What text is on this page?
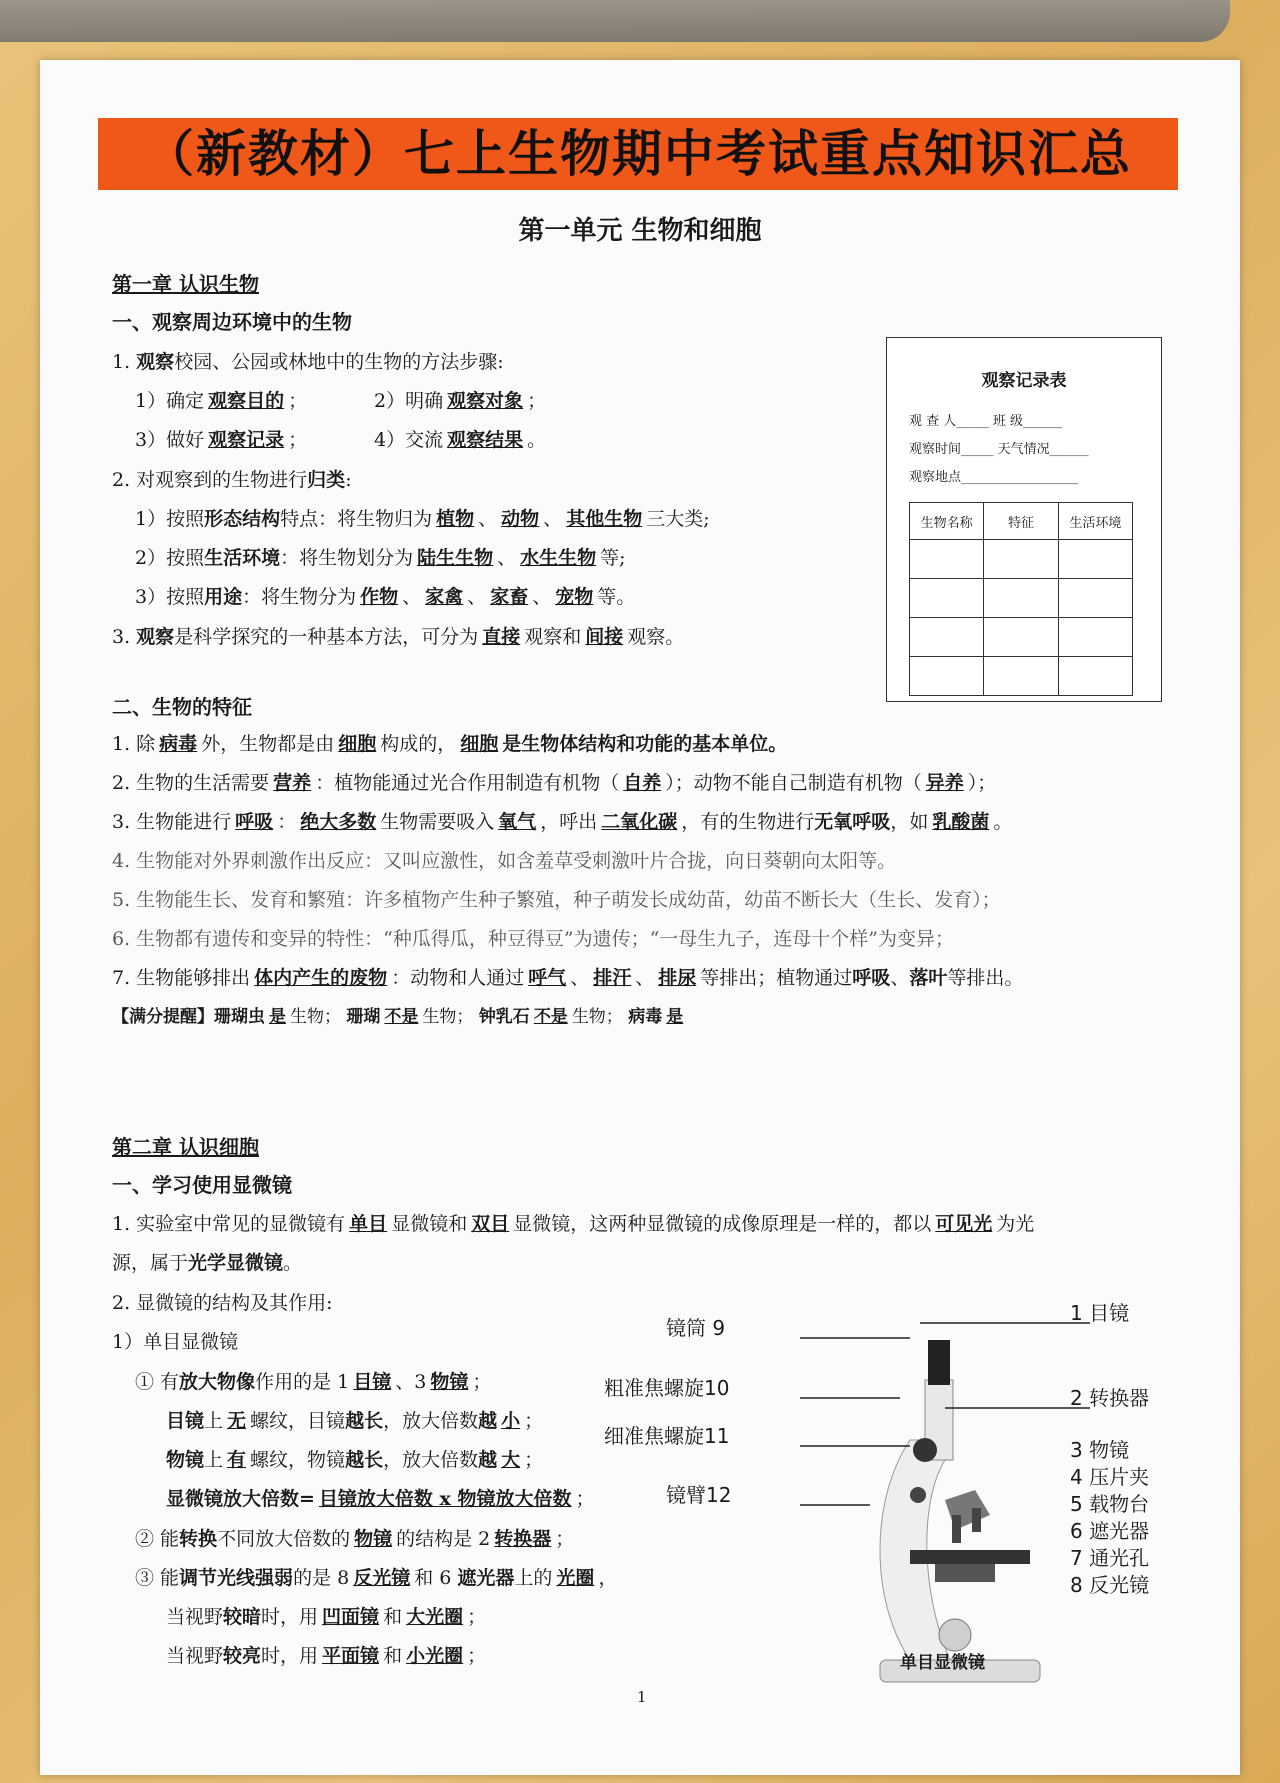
（新教材）七上生物期中考试重点知识汇总
第一单元 生物和细胞
第一章 认识生物
一、观察周边环境中的生物
1. 观察校园、公园或林地中的生物的方法步骤:
1）确定 观察目的 ；	2）明确 观察对象 ；
3）做好 观察记录 ；	4）交流 观察结果 。
2. 对观察到的生物进行归类:
1）按照形态结构特点：将生物归为 植物 、 动物 、 其他生物 三大类;
2）按照生活环境：将生物划分为 陆生生物 、 水生生物 等;
3）按照用途：将生物分为 作物 、 家禽 、 家畜 、 宠物 等。
3. 观察是科学探究的一种基本方法，可分为 直接 观察和 间接 观察。
观察记录表
观 查 人_____ 班 级______
观察时间_____ 天气情况______
观察地点__________________
生物名称	特征	生活环境

二、生物的特征
1. 除 病毒 外，生物都是由 细胞 构成的， 细胞 是生物体结构和功能的基本单位。
2. 生物的生活需要 营养 ：植物能通过光合作用制造有机物（ 自养 ）；动物不能自己制造有机物（ 异养 ）；
3. 生物能进行 呼吸 ： 绝大多数 生物需要吸入 氧气 ，呼出 二氧化碳 ，有的生物进行无氧呼吸，如 乳酸菌 。
4. 生物能对外界刺激作出反应：又叫应激性，如含羞草受刺激叶片合拢，向日葵朝向太阳等。
5. 生物能生长、发育和繁殖：许多植物产生种子繁殖，种子萌发长成幼苗，幼苗不断长大（生长、发育）；
6. 生物都有遗传和变异的特性：“种瓜得瓜，种豆得豆”为遗传；“一母生九子，连母十个样”为变异；
7. 生物能够排出 体内产生的废物 ：动物和人通过 呼气 、 排汗 、 排尿 等排出；植物通过呼吸、落叶等排出。
【满分提醒】珊瑚虫 是 生物； 珊瑚 不是 生物； 钟乳石 不是 生物； 病毒 是
第二章 认识细胞
一、学习使用显微镜
1. 实验室中常见的显微镜有 单目 显微镜和 双目 显微镜，这两种显微镜的成像原理是一样的，都以 可见光 为光
源，属于光学显微镜。
2. 显微镜的结构及其作用:
1）单目显微镜
① 有放大物像作用的是 1 目镜 、3 物镜 ；
目镜上 无 螺纹，目镜越长，放大倍数越 小 ；
物镜上 有 螺纹，物镜越长，放大倍数越 大 ；
显微镜放大倍数= 目镜放大倍数 x 物镜放大倍数 ；
② 能转换不同放大倍数的 物镜 的结构是 2 转换器 ；
③ 能调节光线强弱的是 8 反光镜 和 6 遮光器上的 光圈 ，
当视野较暗时，用 凹面镜 和 大光圈 ；
当视野较亮时，用 平面镜 和 小光圈 ；
镜筒 9
粗准焦螺旋10
细准焦螺旋11
镜臂12
1 目镜
2 转换器
3 物镜
4 压片夹
5 载物台
6 遮光器
7 通光孔
8 反光镜
单目显微镜
1
